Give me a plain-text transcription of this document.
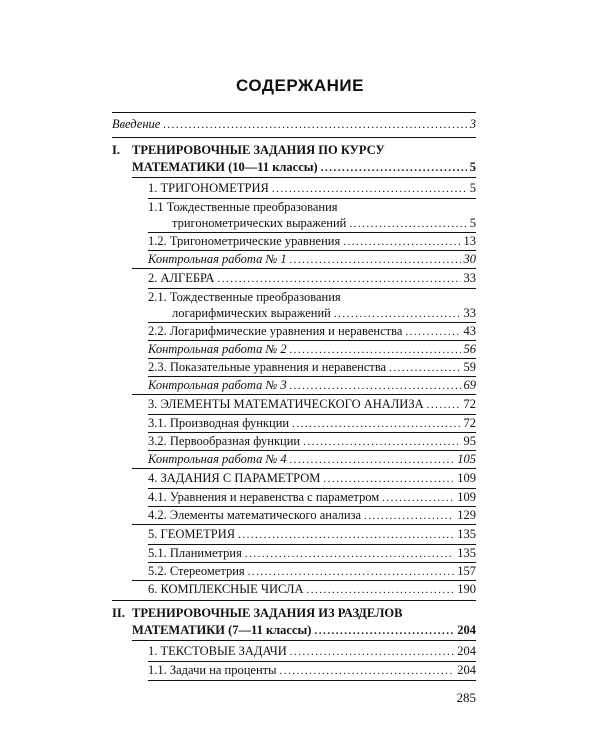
СОДЕРЖАНИЕ
Введение .....	3
I. ТРЕНИРОВОЧНЫЕ ЗАДАНИЯ ПО КУРСУ
МАТЕМАТИКИ (10—11 классы) .....	5
1. ТРИГОНОМЕТРИЯ .....	5
1.1 Тождественные преобразования
тригонометрических выражений .....	5
1.2. Тригонометрические уравнения .....	13
Контрольная работа № 1 .....	30
2. АЛГЕБРА .....	33
2.1. Тождественные преобразования
логарифмических выражений .....	33
2.2. Логарифмические уравнения и неравенства .....	43
Контрольная работа № 2 .....	56
2.3. Показательные уравнения и неравенства .....	59
Контрольная работа № 3 .....	69
3. ЭЛЕМЕНТЫ МАТЕМАТИЧЕСКОГО АНАЛИЗА .....	72
3.1. Производная функции .....	72
3.2. Первообразная функции .....	95
Контрольная работа № 4 .....	105
4. ЗАДАНИЯ С ПАРАМЕТРОМ .....	109
4.1. Уравнения и неравенства с параметром .....	109
4.2. Элементы математического анализа .....	129
5. ГЕОМЕТРИЯ .....	135
5.1. Планиметрия .....	135
5.2. Стереометрия .....	157
6. КОМПЛЕКСНЫЕ ЧИСЛА .....	190
II. ТРЕНИРОВОЧНЫЕ ЗАДАНИЯ ИЗ РАЗДЕЛОВ
МАТЕМАТИКИ (7—11 классы) .....	204
1. ТЕКСТОВЫЕ ЗАДАЧИ .....	204
1.1. Задачи на проценты .....	204
285
